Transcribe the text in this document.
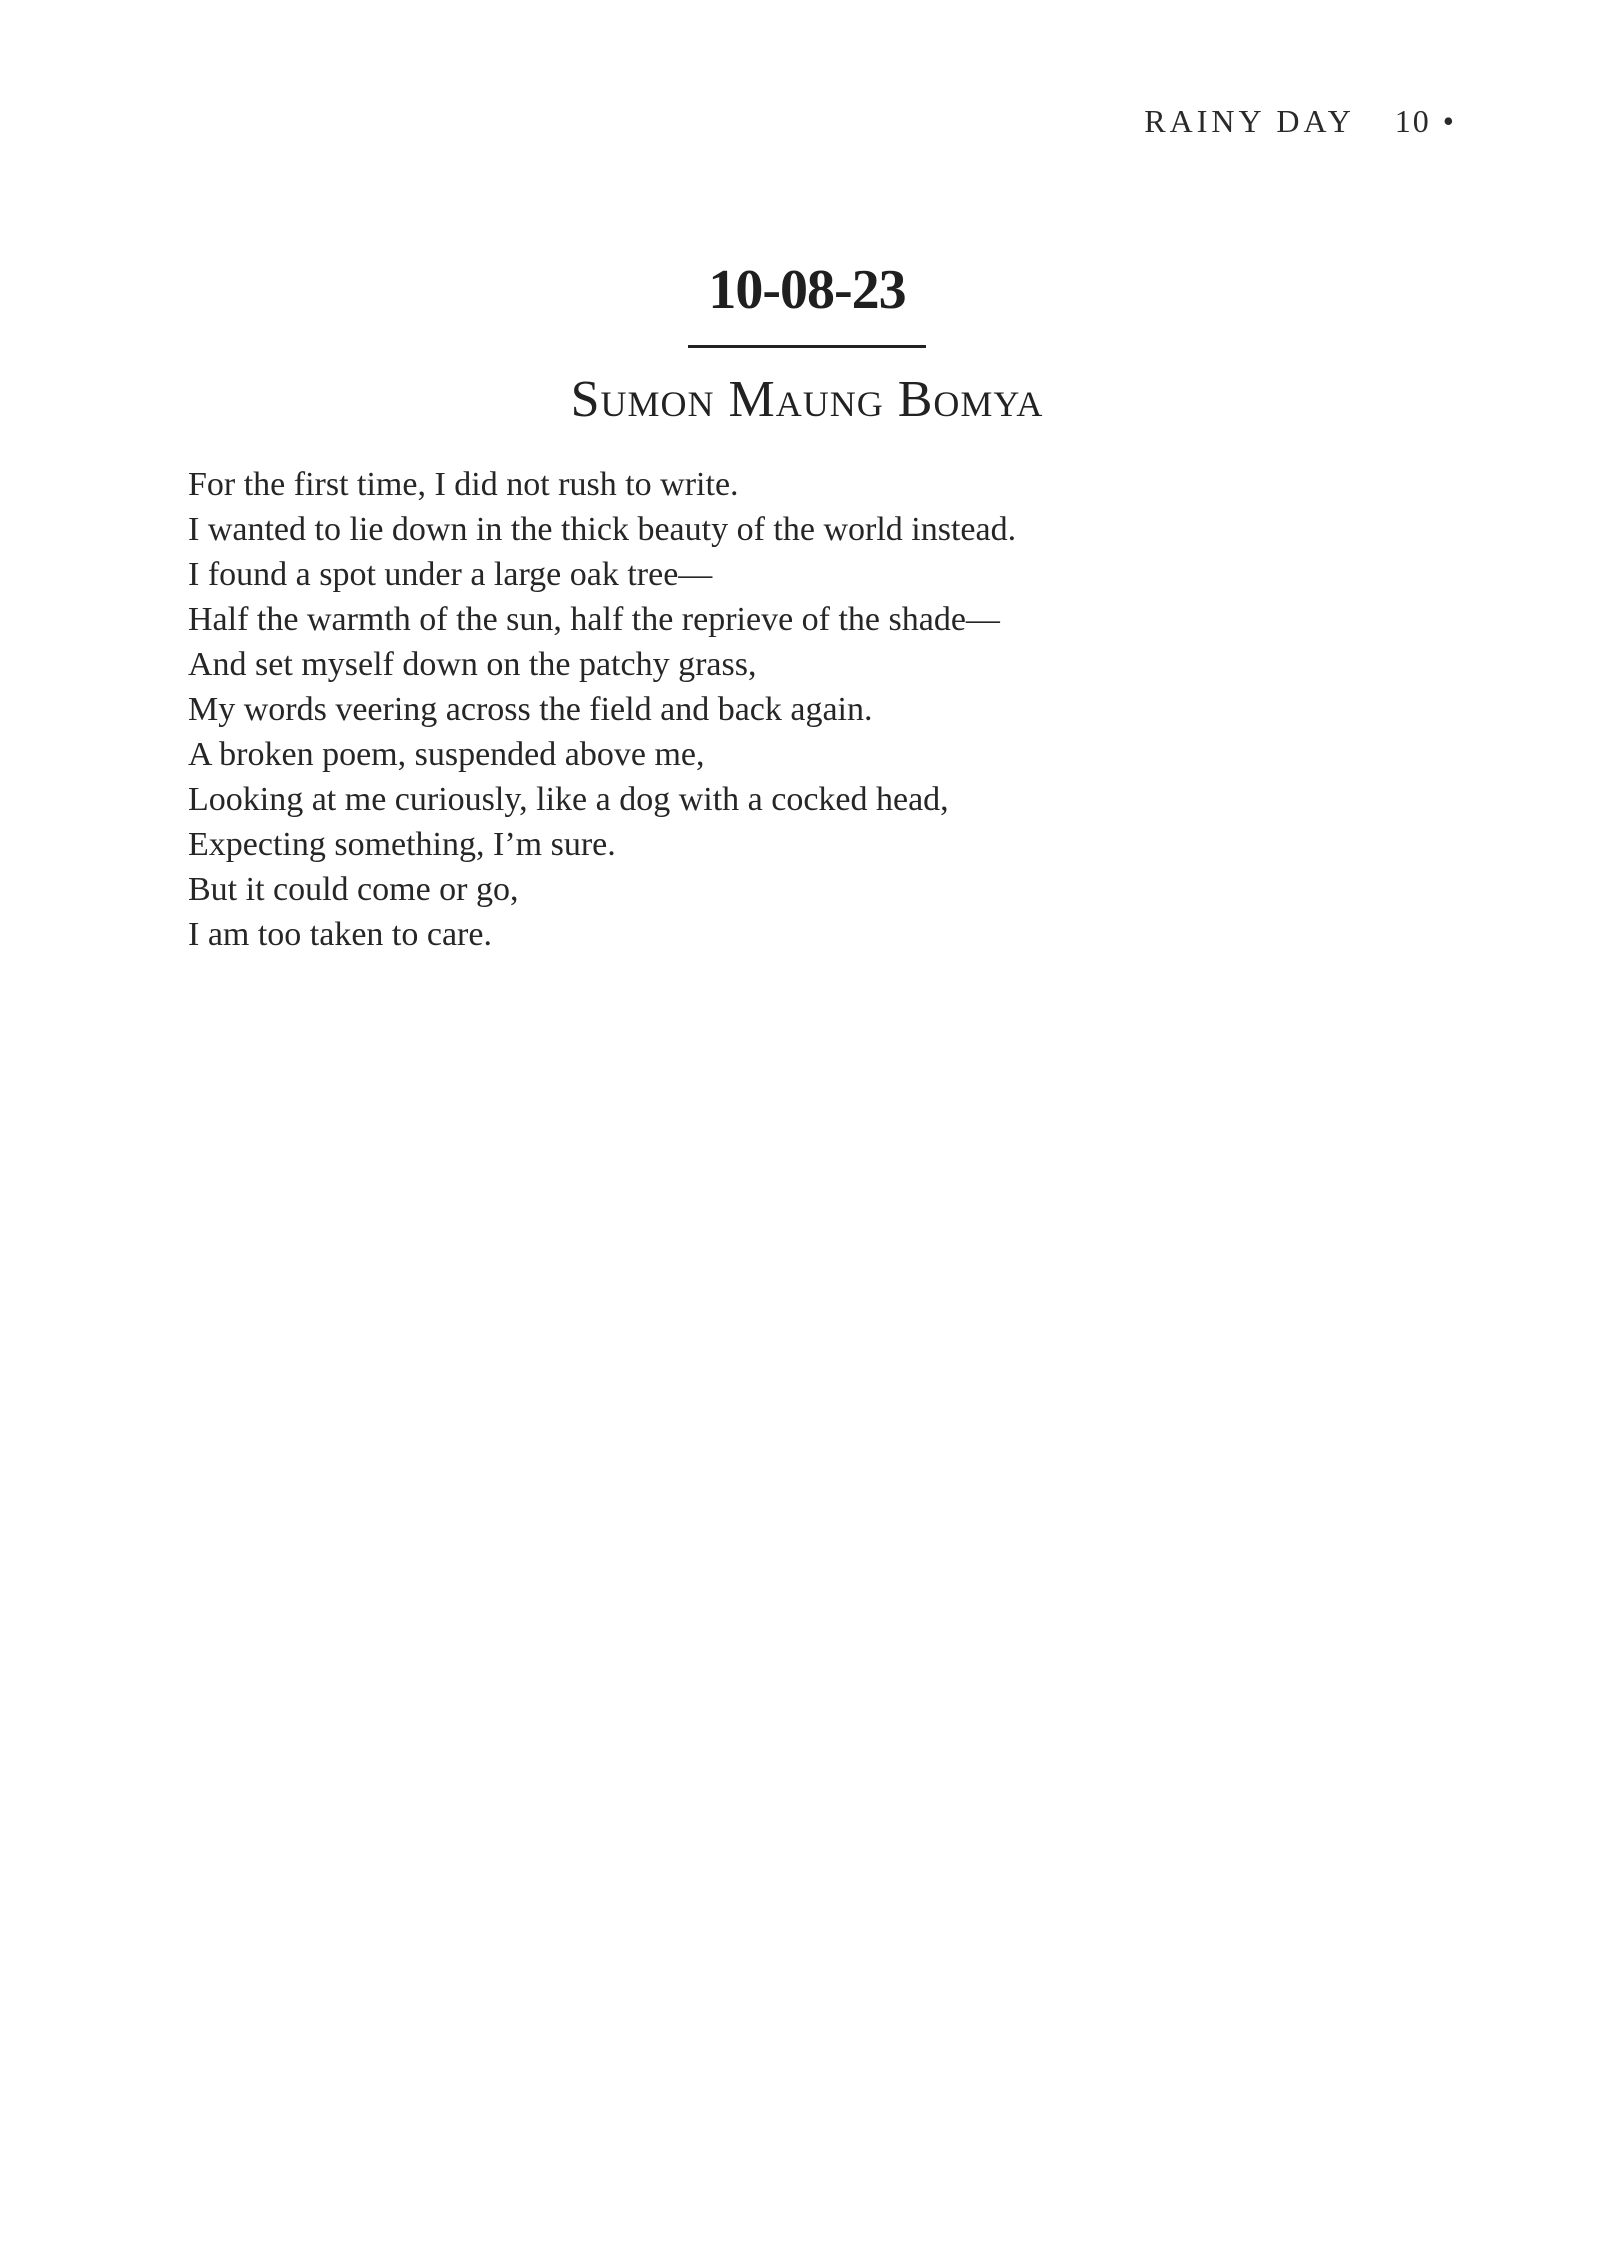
RAINY DAY 10 •
10-08-23
Sumon Maung Bomya
For the first time, I did not rush to write.
I wanted to lie down in the thick beauty of the world instead.
I found a spot under a large oak tree—
Half the warmth of the sun, half the reprieve of the shade—
And set myself down on the patchy grass,
My words veering across the field and back again.
A broken poem, suspended above me,
Looking at me curiously, like a dog with a cocked head,
Expecting something, I’m sure.
But it could come or go,
I am too taken to care.
